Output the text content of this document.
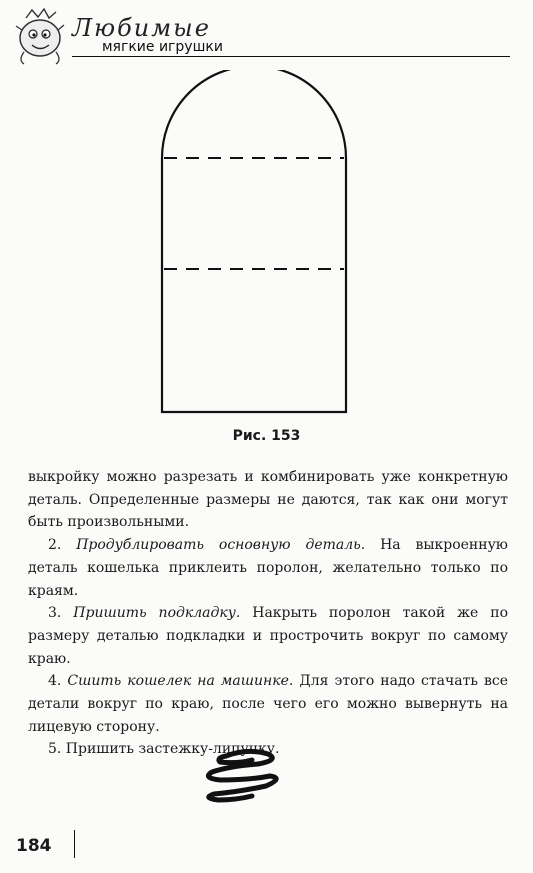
Любимые
мягкие игрушки
Рис. 153

выкройку можно разрезать и комбинировать уже конкретную деталь. Определенные размеры не даются, так как они могут быть произвольными.

2. Продублировать основную деталь. На выкроенную деталь кошелька приклеить поролон, желательно только по краям.

3. Пришить подкладку. Накрыть поролон такой же по размеру деталью подкладки и прострочить вокруг по самому краю.

4. Сшить кошелек на машинке. Для этого надо стачать все детали вокруг по краю, после чего его можно вывернуть на лицевую сторону.

5. Пришить застежку-липучку.

184
